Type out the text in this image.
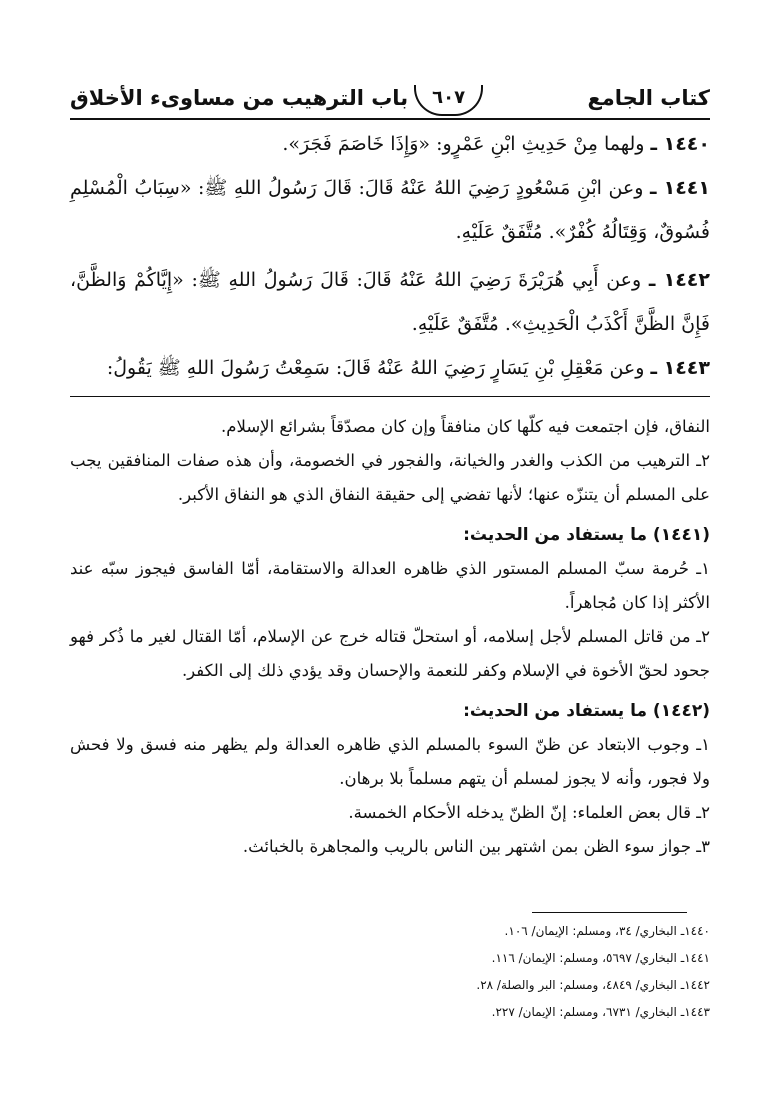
كتاب الجامع
٦٠٧
باب الترهيب من مساوىء الأخلاق
١٤٤٠ ـ ولهما مِنْ حَدِيثِ ابْنِ عَمْرٍو: «وَإِذَا خَاصَمَ فَجَرَ».
١٤٤١ ـ وعن ابْنِ مَسْعُودٍ رَضِيَ اللهُ عَنْهُ قَالَ: قَالَ رَسُولُ اللهِ ﷺ: «سِبَابُ الْمُسْلِمِ فُسُوقٌ، وَقِتَالُهُ كُفْرٌ». مُتَّفَقٌ عَلَيْهِ.
١٤٤٢ ـ وعن أَبِي هُرَيْرَةَ رَضِيَ اللهُ عَنْهُ قَالَ: قَالَ رَسُولُ اللهِ ﷺ: «إِيَّاكُمْ وَالظَّنَّ، فَإِنَّ الظَّنَّ أَكْذَبُ الْحَدِيثِ». مُتَّفَقٌ عَلَيْهِ.
١٤٤٣ ـ وعن مَعْقِلِ بْنِ يَسَارٍ رَضِيَ اللهُ عَنْهُ قَالَ: سَمِعْتُ رَسُولَ اللهِ ﷺ يَقُولُ:
النفاق، فإن اجتمعت فيه كلّها كان منافقاً وإن كان مصدّقاً بشرائع الإسلام.
٢ـ الترهيب من الكذب والغدر والخيانة، والفجور في الخصومة، وأن هذه صفات المنافقين يجب على المسلم أن يتنزّه عنها؛ لأنها تفضي إلى حقيقة النفاق الذي هو النفاق الأكبر.
(١٤٤١) ما يستفاد من الحديث:
١ـ حُرمة سبّ المسلم المستور الذي ظاهره العدالة والاستقامة، أمّا الفاسق فيجوز سبّه عند الأكثر إذا كان مُجاهراً.
٢ـ من قاتل المسلم لأجل إسلامه، أو استحلّ قتاله خرج عن الإسلام، أمّا القتال لغير ما ذُكر فهو جحود لحقّ الأخوة في الإسلام وكفر للنعمة والإحسان وقد يؤدي ذلك إلى الكفر.
(١٤٤٢) ما يستفاد من الحديث:
١ـ وجوب الابتعاد عن ظنّ السوء بالمسلم الذي ظاهره العدالة ولم يظهر منه فسق ولا فحش ولا فجور، وأنه لا يجوز لمسلم أن يتهم مسلماً بلا برهان.
٢ـ قال بعض العلماء: إنّ الظنّ يدخله الأحكام الخمسة.
٣ـ جواز سوء الظن بمن اشتهر بين الناس بالريب والمجاهرة بالخبائث.
١٤٤٠ـ البخاري/ ٣٤، ومسلم: الإيمان/ ١٠٦.
١٤٤١ـ البخاري/ ٥٦٩٧، ومسلم: الإيمان/ ١١٦.
١٤٤٢ـ البخاري/ ٤٨٤٩، ومسلم: البر والصلة/ ٢٨.
١٤٤٣ـ البخاري/ ٦٧٣١، ومسلم: الإيمان/ ٢٢٧.
